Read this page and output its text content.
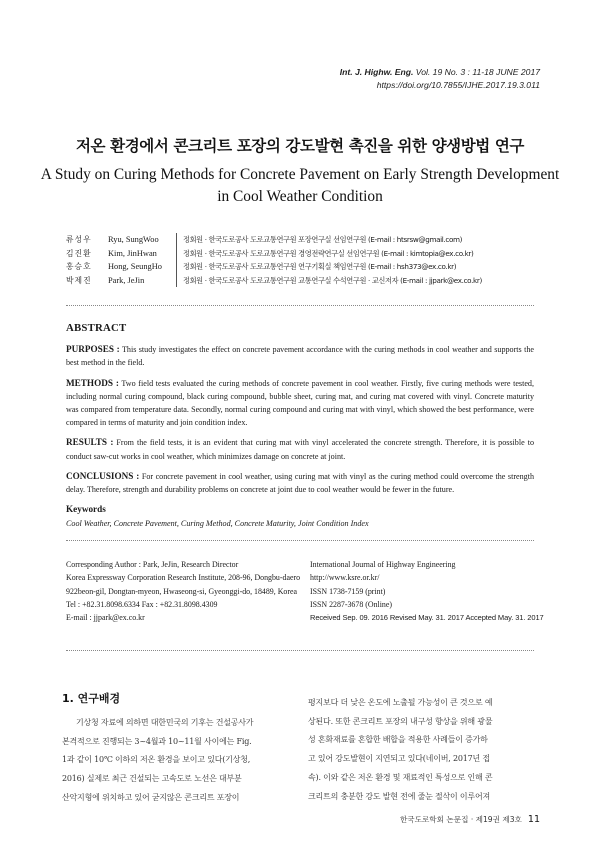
Int. J. Highw. Eng. Vol. 19 No. 3 : 11-18 JUNE 2017
https://doi.org/10.7855/IJHE.2017.19.3.011
저온 환경에서 콘크리트 포장의 강도발현 촉진을 위한 양생방법 연구
A Study on Curing Methods for Concrete Pavement on Early Strength Development
in Cool Weather Condition
류성우	Ryu, SungWoo	정회원 · 한국도로공사 도로교통연구원 포장연구실 선임연구원 (E-mail : htsrsw@gmail.com)
김진환	Kim, JinHwan	정회원 · 한국도로공사 도로교통연구원 경영전략연구실 선임연구원 (E-mail : kimtopia@ex.co.kr)
홍승호	Hong, SeungHo	정회원 · 한국도로공사 도로교통연구원 연구기획실 책임연구원 (E-mail : hsh373@ex.co.kr)
박제진	Park, JeJin	정회원 · 한국도로공사 도로교통연구원 교통연구실 수석연구원 · 교신저자 (E-mail : jjpark@ex.co.kr)
ABSTRACT

PURPOSES : This study investigates the effect on concrete pavement accordance with the curing methods in cool weather and supports the best method in the field.

METHODS : Two field tests evaluated the curing methods of concrete pavement in cool weather. Firstly, five curing methods were tested, including normal curing compound, black curing compound, bubble sheet, curing mat, and curing mat covered with vinyl. Concrete maturity was compared from temperature data. Secondly, normal curing compound and curing mat with vinyl, which showed the best performance, were compared in terms of maturity and join condition index.

RESULTS : From the field tests, it is an evident that curing mat with vinyl accelerated the concrete strength. Therefore, it is possible to conduct saw-cut works in cool weather, which minimizes damage on concrete at joint.

CONCLUSIONS : For concrete pavement in cool weather, using curing mat with vinyl as the curing method could overcome the strength delay. Therefore, strength and durability problems on concrete at joint due to cool weather would be fewer in the future.

Keywords
Cool Weather, Concrete Pavement, Curing Method, Concrete Maturity, Joint Condition Index
Corresponding Author : Park, JeJin, Research Director
Korea Expressway Corporation Research Institute, 208-96, Dongbu-daero
922beon-gil, Dongtan-myeon, Hwaseong-si, Gyeonggi-do, 18489, Korea
Tel : +82.31.8098.6334 Fax : +82.31.8098.4309
E-mail : jjpark@ex.co.kr
International Journal of Highway Engineering
http://www.ksre.or.kr/
ISSN 1738-7159 (print)
ISSN 2287-3678 (Online)
Received Sep. 09. 2016 Revised May. 31. 2017 Accepted May. 31. 2017
1. 연구배경
기상청 자료에 의하면 대한민국의 기후는 건설공사가
본격적으로 진행되는 3~4월과 10~11월 사이에는 Fig.
1과 같이 10℃ 이하의 저온 환경을 보이고 있다(기상청,
2016) 실제로 최근 건설되는 고속도로 노선은 대부분
산악지형에 위치하고 있어 굳지않은 콘크리트 포장이
평지보다 더 낮은 온도에 노출될 가능성이 큰 것으로 예
상된다. 또한 콘크리트 포장의 내구성 향상을 위해 광물
성 혼화재료를 혼합한 배합을 적용한 사례들이 증가하
고 있어 강도발현이 지연되고 있다(네이버, 2017년 접
속). 이와 같은 저온 환경 및 재료적인 특성으로 인해 콘
크리트의 충분한 강도 발현 전에 줄눈 절삭이 이루어져
한국도로학회 논문집 · 제19권 제3호 11
